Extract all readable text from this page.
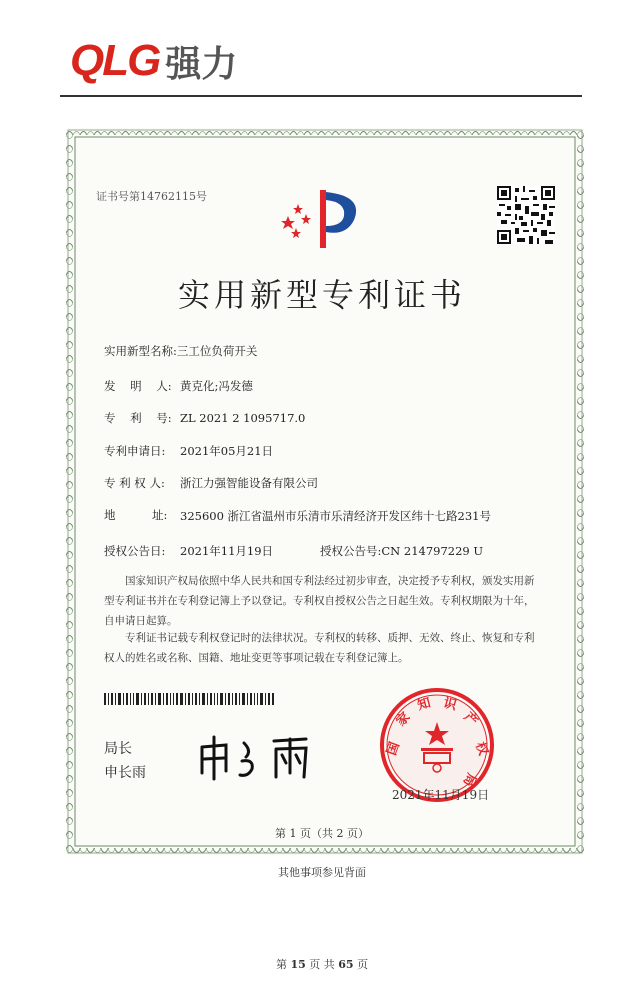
QLG 强力
证书号第14762115号
实用新型专利证书
实用新型名称:三工位负荷开关
发    明    人: 黄克化;冯发德
专    利    号: ZL 2021 2 1095717.0
专利申请日: 2021年05月21日
专 利 权 人: 浙江力强智能设备有限公司
地          址: 325600 浙江省温州市乐清市乐清经济开发区纬十七路231号
授权公告日: 2021年11月19日	授权公告号:CN 214797229 U
国家知识产权局依照中华人民共和国专利法经过初步审查，决定授予专利权，颁发实用新型专利证书并在专利登记簿上予以登记。专利权自授权公告之日起生效。专利权期限为十年，自申请日起算。
专利证书记载专利权登记时的法律状况。专利权的转移、质押、无效、终止、恢复和专利权人的姓名或名称、国籍、地址变更等事项记载在专利登记簿上。
局长
申长雨
国
家
知 识
产
权
局
2021年11月19日
第 1 页（共 2 页）
其他事项参见背面
第 15 页 共 65 页
